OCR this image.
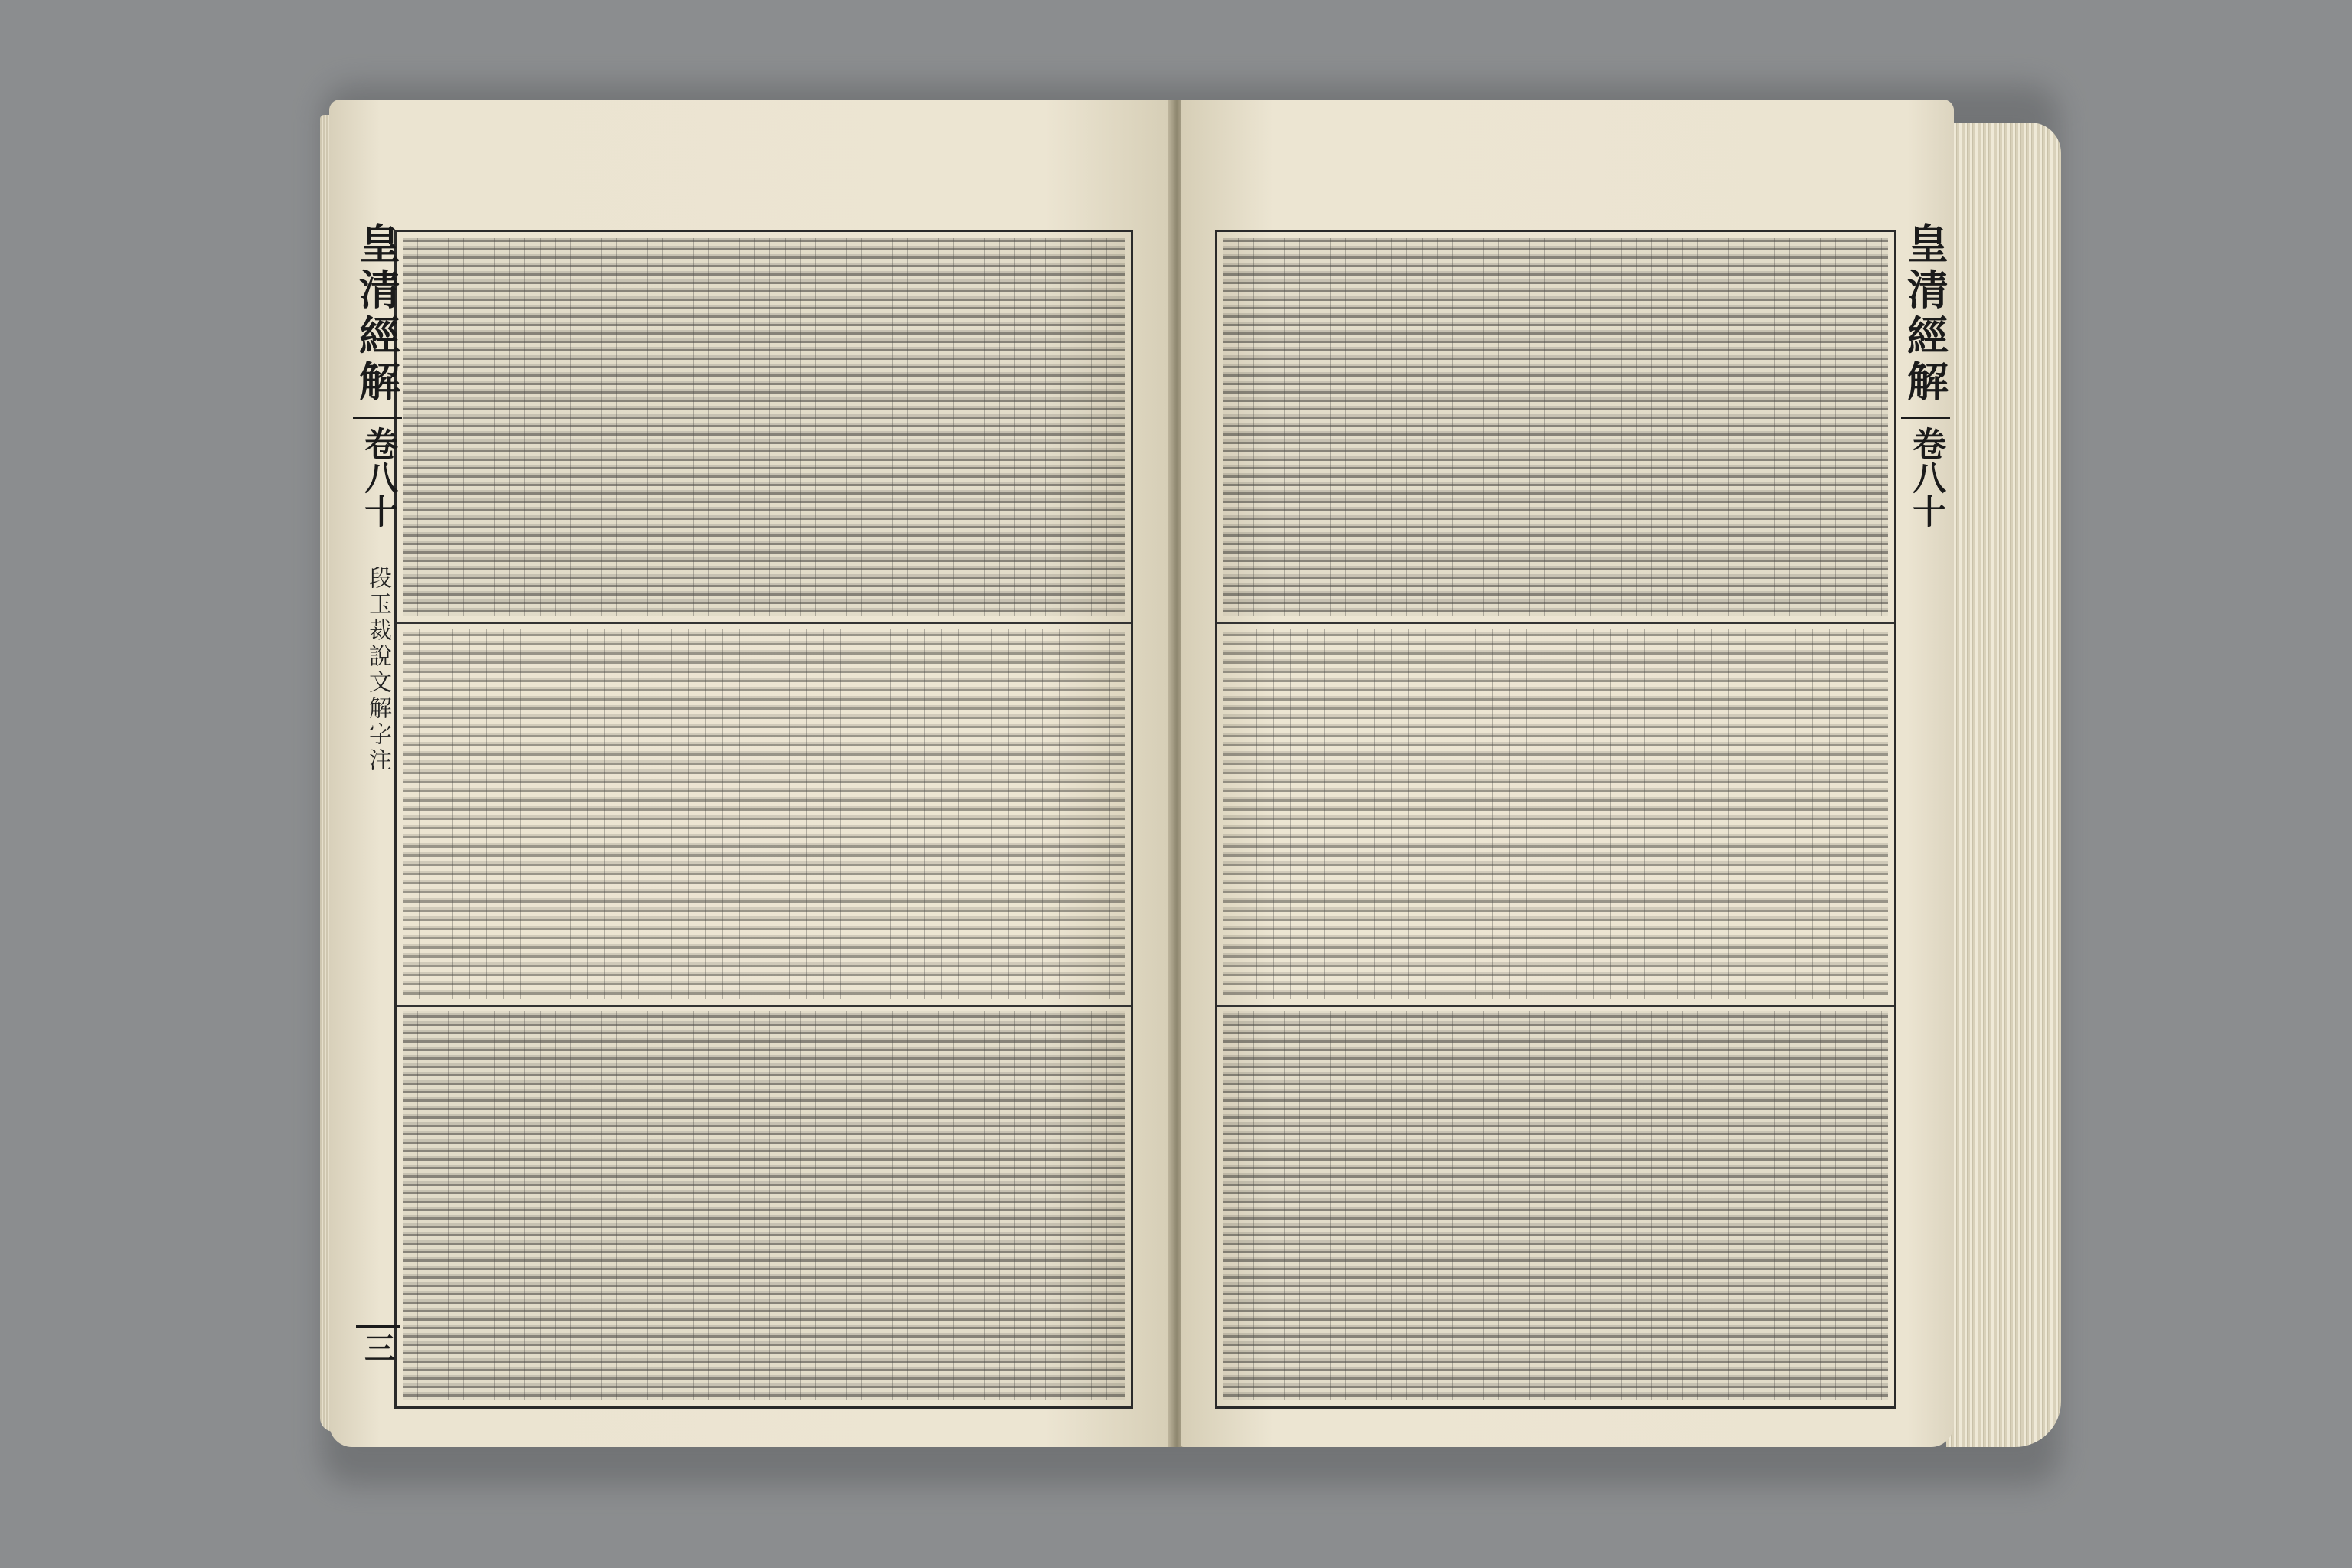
皇清經解
卷八十
段玉裁說文解字注
三
皇清經解
卷八十
